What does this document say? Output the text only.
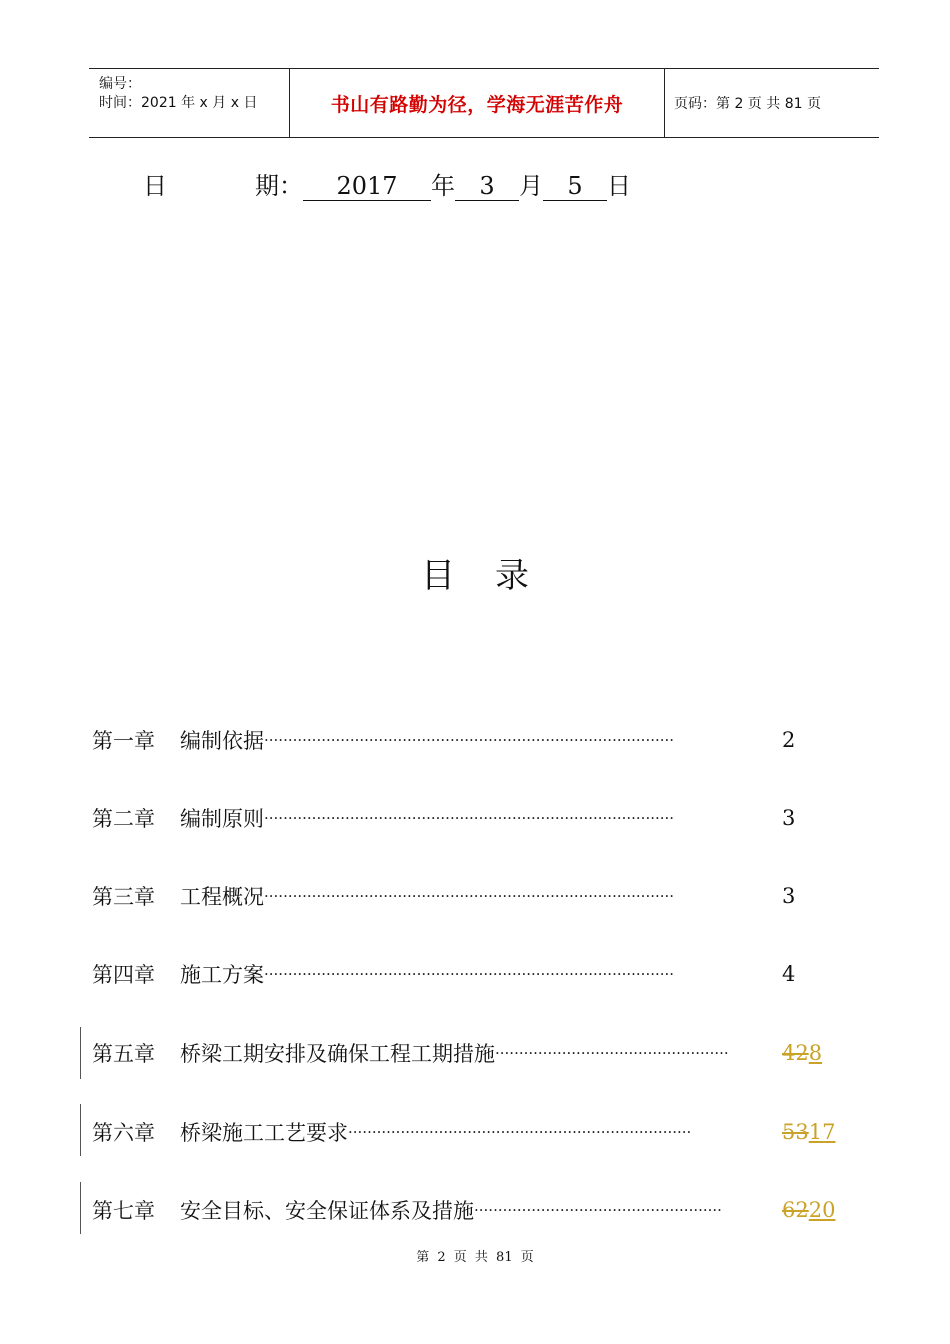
编号：
时间：2021 年 x 月 x 日	书山有路勤为径，学海无涯苦作舟	页码：第 2 页 共 81 页
日	期： 2017 年 3 月 5 日
目录
第一章	编制依据 ······················································································	2
第二章	编制原则 ······················································································	3
第三章	工程概况 ······················································································	3
第四章	施工方案 ······················································································	4
第五章	桥梁工期安排及确保工程工期措施 ·················································	428
第六章	桥梁施工工艺要求 ········································································	5317
第七章	安全目标、安全保证体系及措施 ····················································	6220
第 2 页 共 81 页
